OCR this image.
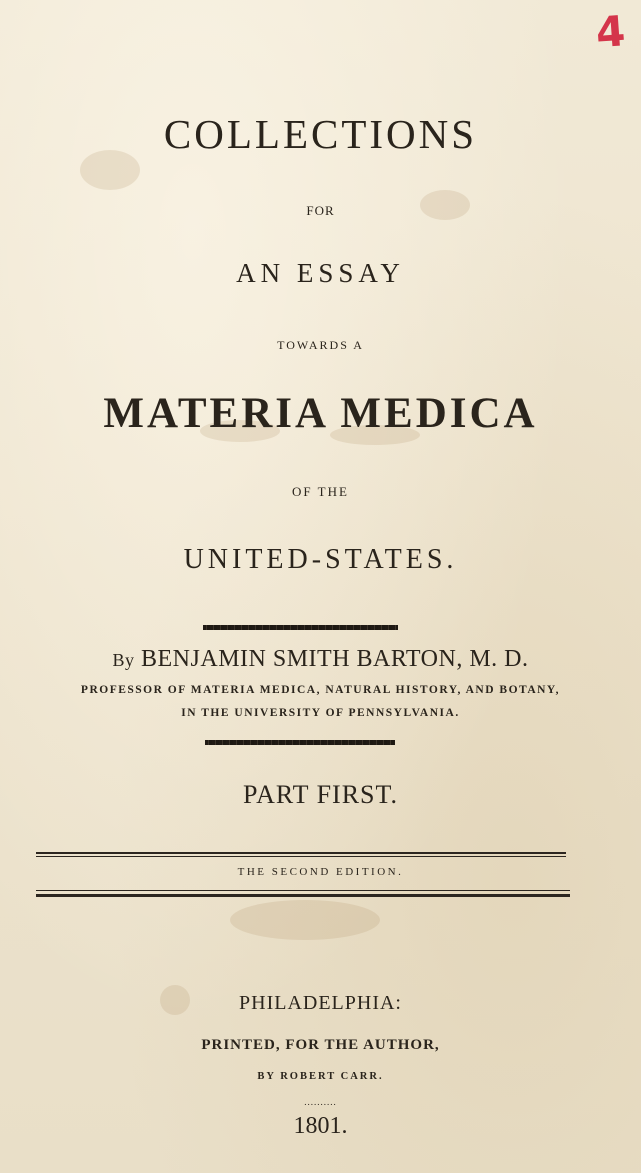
4
COLLECTIONS
FOR
AN ESSAY
TOWARDS A
MATERIA MEDICA
OF THE
UNITED-STATES.
By BENJAMIN SMITH BARTON, M. D.
PROFESSOR OF MATERIA MEDICA, NATURAL HISTORY, AND BOTANY,
IN THE UNIVERSITY OF PENNSYLVANIA.
PART FIRST.
THE SECOND EDITION.
PHILADELPHIA:
PRINTED, FOR THE AUTHOR,
BY ROBERT CARR.
..........
1801.
